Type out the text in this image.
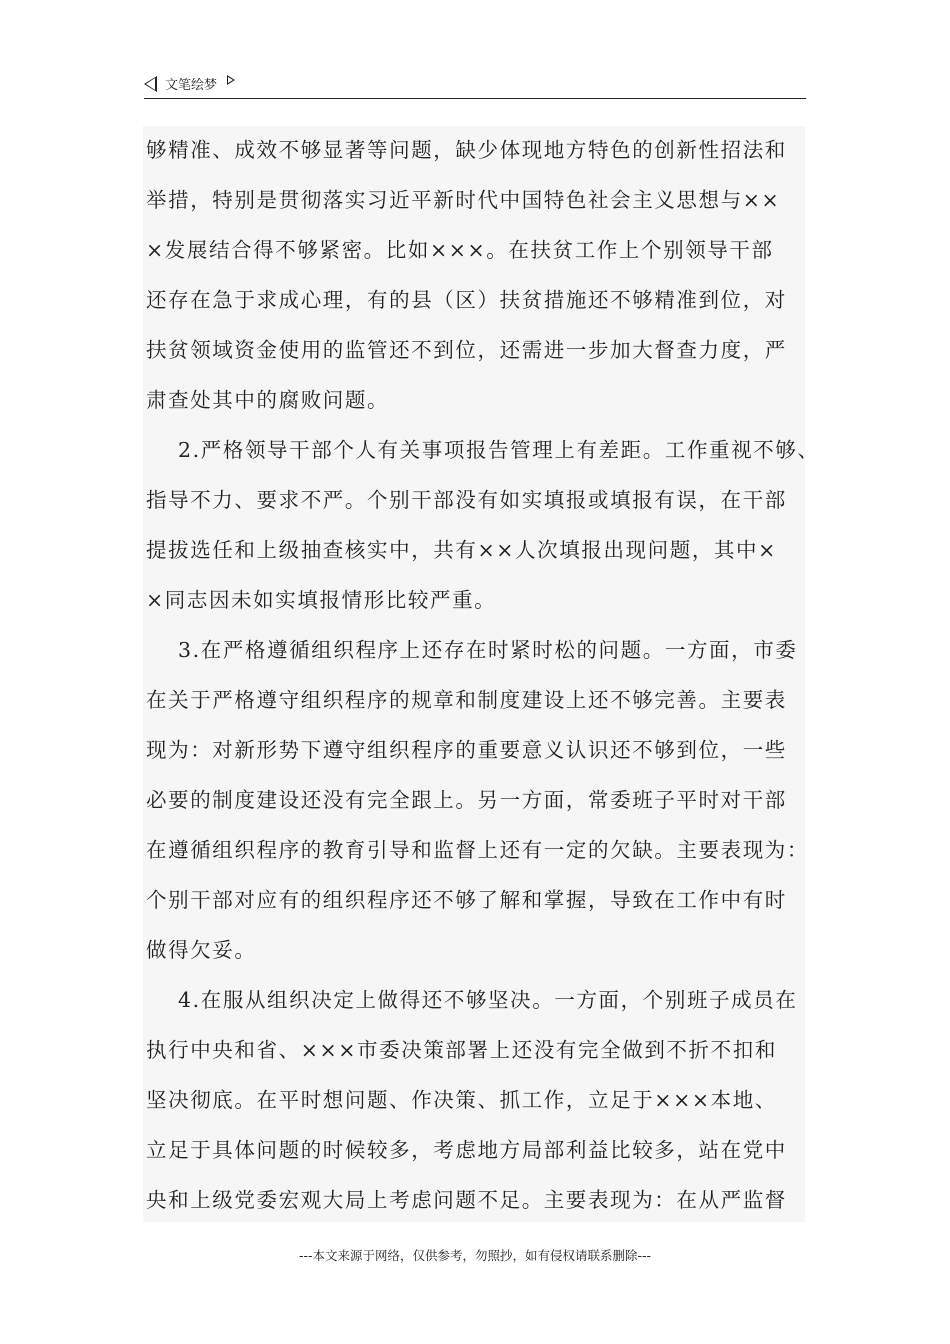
文笔绘梦
够精准、成效不够显著等问题，缺少体现地方特色的创新性招法和
举措，特别是贯彻落实习近平新时代中国特色社会主义思想与××
×发展结合得不够紧密。比如×××。在扶贫工作上个别领导干部
还存在急于求成心理，有的县（区）扶贫措施还不够精准到位，对
扶贫领域资金使用的监管还不到位，还需进一步加大督查力度，严
肃查处其中的腐败问题。
2.严格领导干部个人有关事项报告管理上有差距。工作重视不够、
指导不力、要求不严。个别干部没有如实填报或填报有误，在干部
提拔选任和上级抽查核实中，共有××人次填报出现问题，其中×
×同志因未如实填报情形比较严重。
3.在严格遵循组织程序上还存在时紧时松的问题。一方面，市委
在关于严格遵守组织程序的规章和制度建设上还不够完善。主要表
现为：对新形势下遵守组织程序的重要意义认识还不够到位，一些
必要的制度建设还没有完全跟上。另一方面，常委班子平时对干部
在遵循组织程序的教育引导和监督上还有一定的欠缺。主要表现为：
个别干部对应有的组织程序还不够了解和掌握，导致在工作中有时
做得欠妥。
4.在服从组织决定上做得还不够坚决。一方面，个别班子成员在
执行中央和省、×××市委决策部署上还没有完全做到不折不扣和
坚决彻底。在平时想问题、作决策、抓工作，立足于×××本地、
立足于具体问题的时候较多，考虑地方局部利益比较多，站在党中
央和上级党委宏观大局上考虑问题不足。主要表现为：在从严监督
---本文来源于网络，仅供参考，勿照抄，如有侵权请联系删除---
